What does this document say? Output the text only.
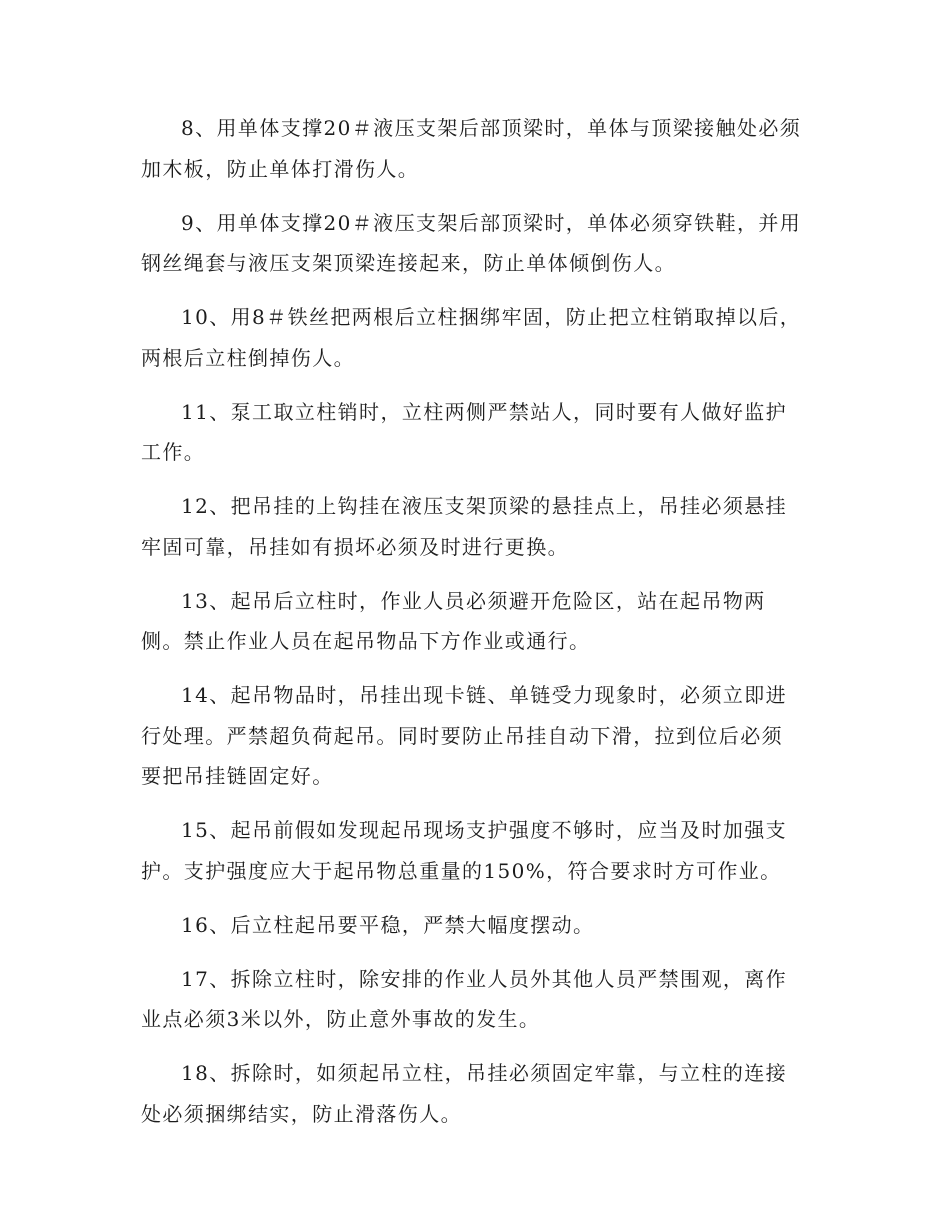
8、用单体支撑20＃液压支架后部顶梁时，单体与顶梁接触处必须
加木板，防止单体打滑伤人。

9、用单体支撑20＃液压支架后部顶梁时，单体必须穿铁鞋，并用
钢丝绳套与液压支架顶梁连接起来，防止单体倾倒伤人。

10、用8＃铁丝把两根后立柱捆绑牢固，防止把立柱销取掉以后，
两根后立柱倒掉伤人。

11、泵工取立柱销时，立柱两侧严禁站人，同时要有人做好监护
工作。

12、把吊挂的上钩挂在液压支架顶梁的悬挂点上，吊挂必须悬挂
牢固可靠，吊挂如有损坏必须及时进行更换。

13、起吊后立柱时，作业人员必须避开危险区，站在起吊物两
侧。禁止作业人员在起吊物品下方作业或通行。

14、起吊物品时，吊挂出现卡链、单链受力现象时，必须立即进
行处理。严禁超负荷起吊。同时要防止吊挂自动下滑，拉到位后必须
要把吊挂链固定好。

15、起吊前假如发现起吊现场支护强度不够时，应当及时加强支
护。支护强度应大于起吊物总重量的150%，符合要求时方可作业。

16、后立柱起吊要平稳，严禁大幅度摆动。

17、拆除立柱时，除安排的作业人员外其他人员严禁围观，离作
业点必须3米以外，防止意外事故的发生。

18、拆除时，如须起吊立柱，吊挂必须固定牢靠，与立柱的连接
处必须捆绑结实，防止滑落伤人。
